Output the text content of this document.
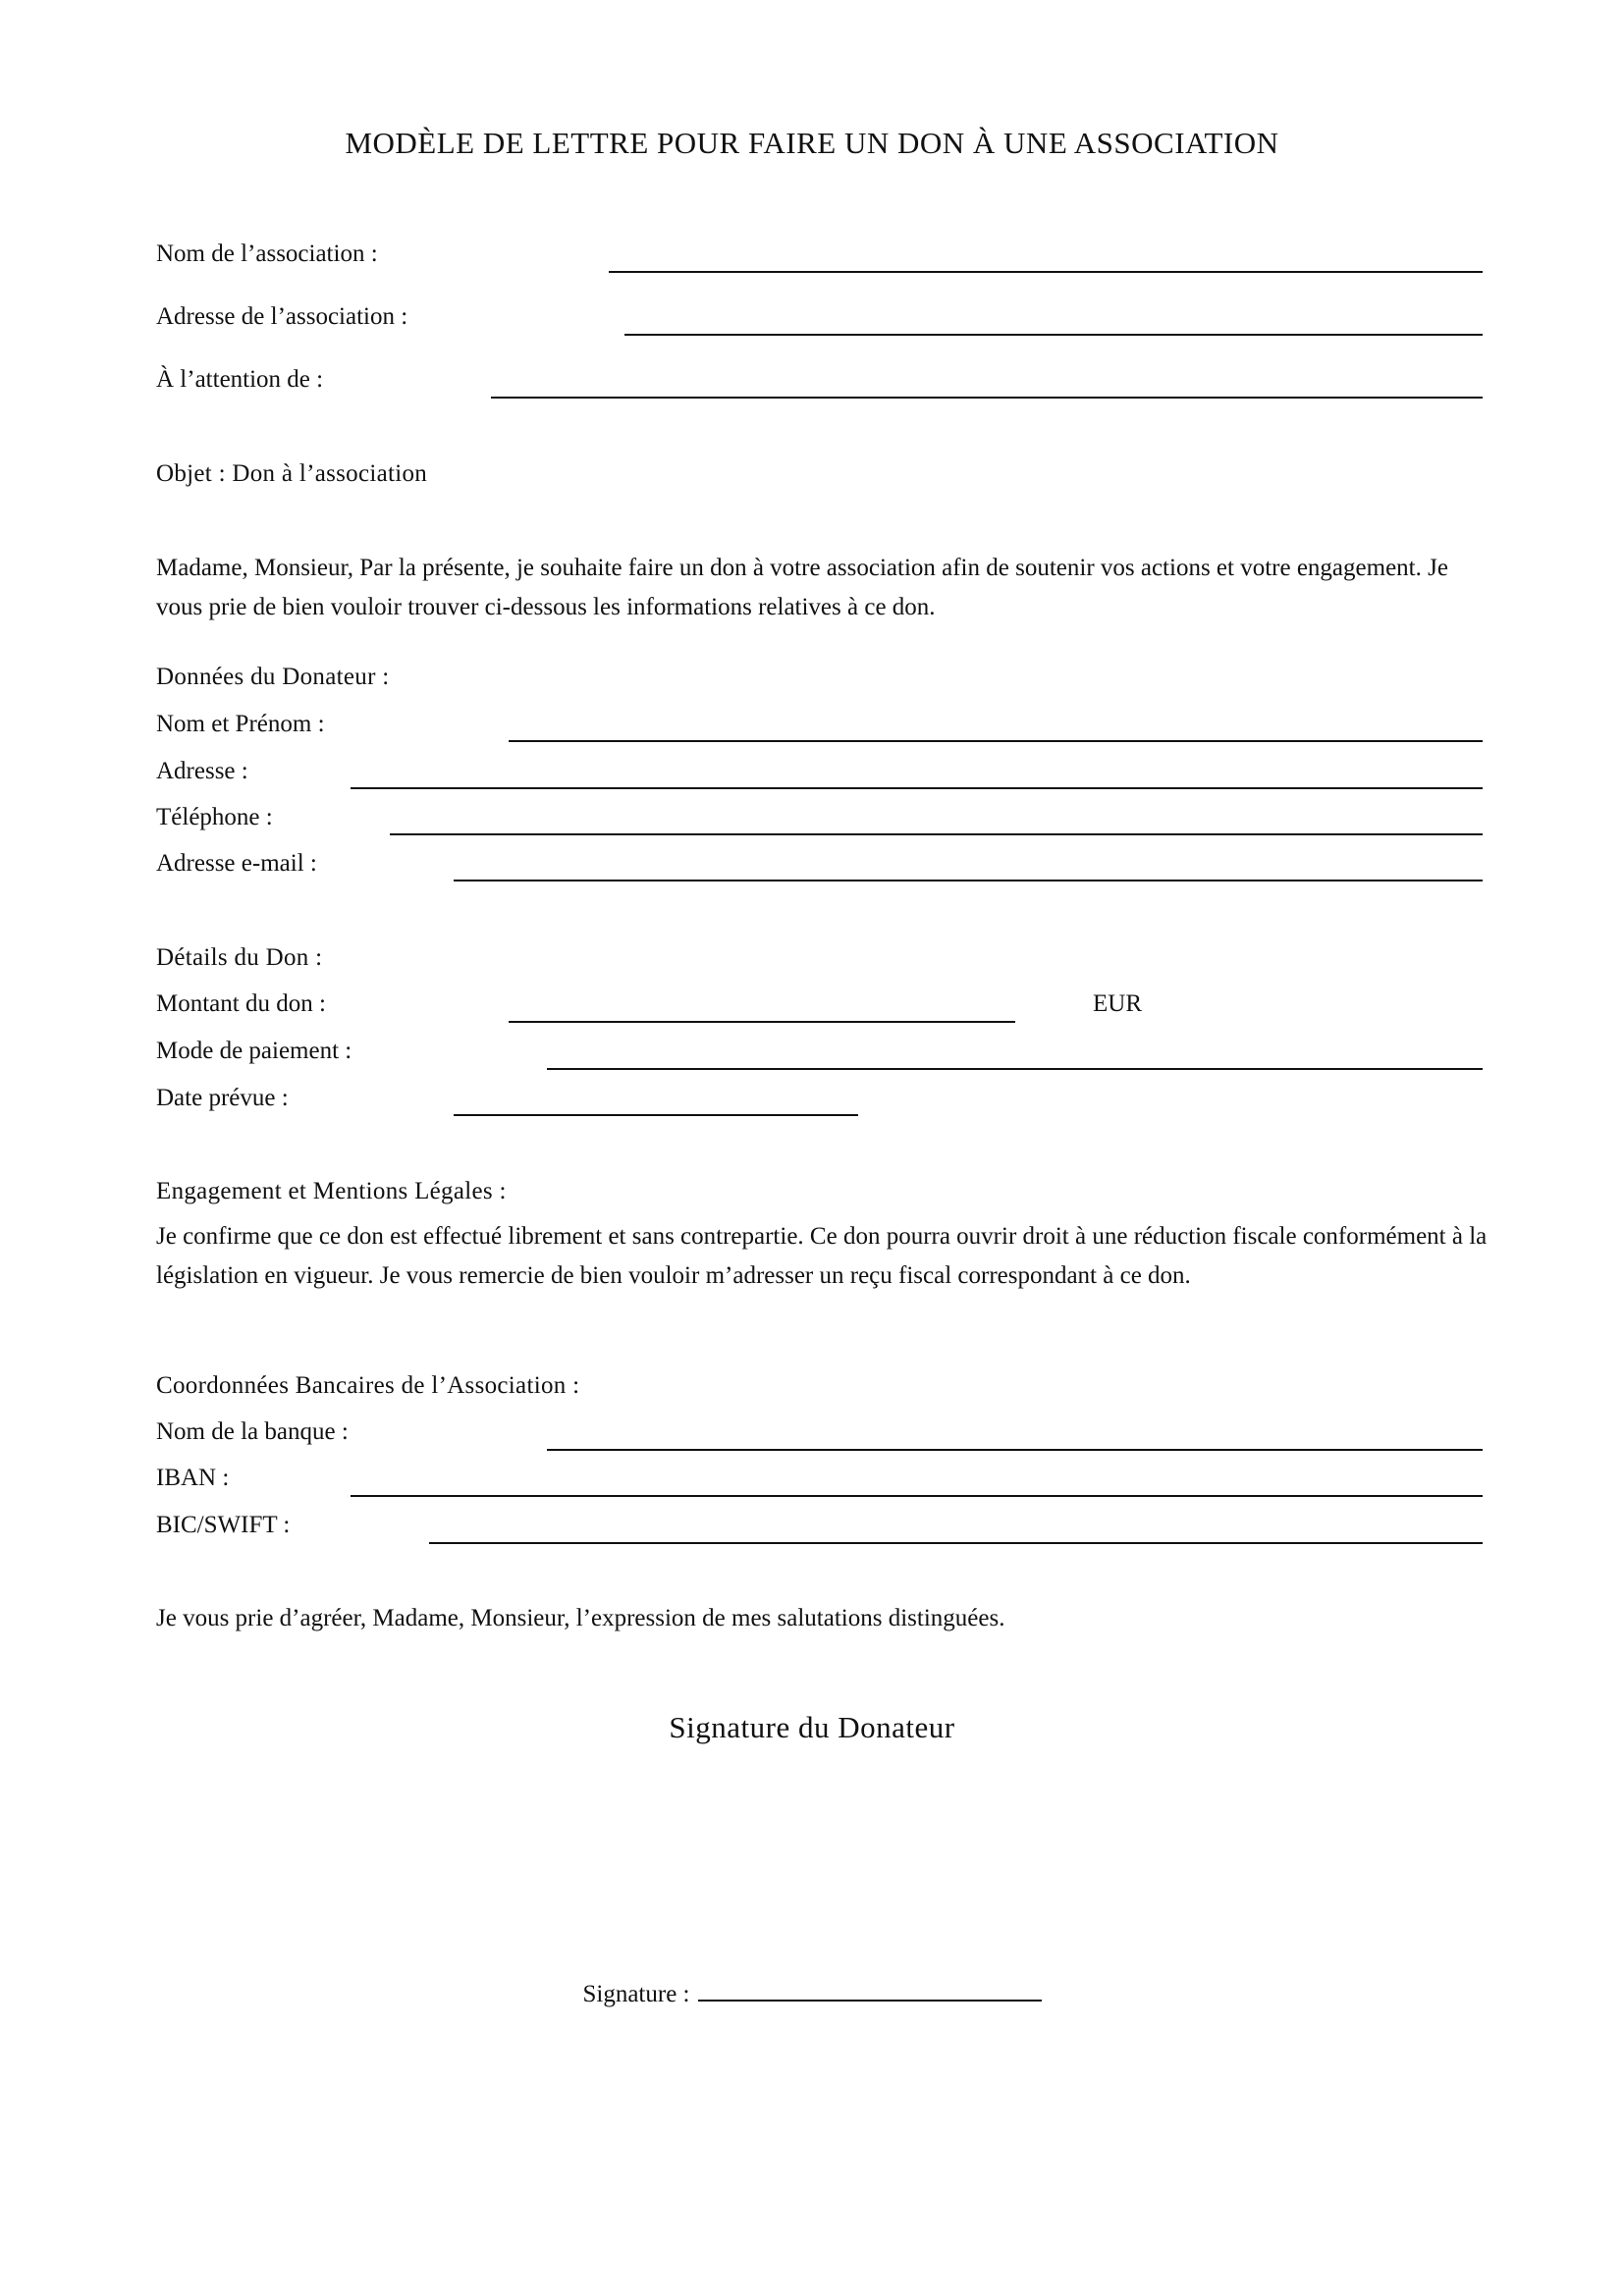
MODÈLE DE LETTRE POUR FAIRE UN DON À UNE ASSOCIATION
Nom de l’association :
Adresse de l’association :
À l’attention de :
Objet : Don à l’association
Madame, Monsieur, Par la présente, je souhaite faire un don à votre association afin de soutenir vos actions et votre engagement. Je vous prie de bien vouloir trouver ci-dessous les informations relatives à ce don.
Données du Donateur :
Nom et Prénom :
Adresse :
Téléphone :
Adresse e-mail :
Détails du Don :
Montant du don :	EUR
Mode de paiement :
Date prévue :
Engagement et Mentions Légales :
Je confirme que ce don est effectué librement et sans contrepartie. Ce don pourra ouvrir droit à une réduction fiscale conformément à la législation en vigueur. Je vous remercie de bien vouloir m’adresser un reçu fiscal correspondant à ce don.
Coordonnées Bancaires de l’Association :
Nom de la banque :
IBAN :
BIC/SWIFT :
Je vous prie d’agréer, Madame, Monsieur, l’expression de mes salutations distinguées.
Signature du Donateur
Signature :
